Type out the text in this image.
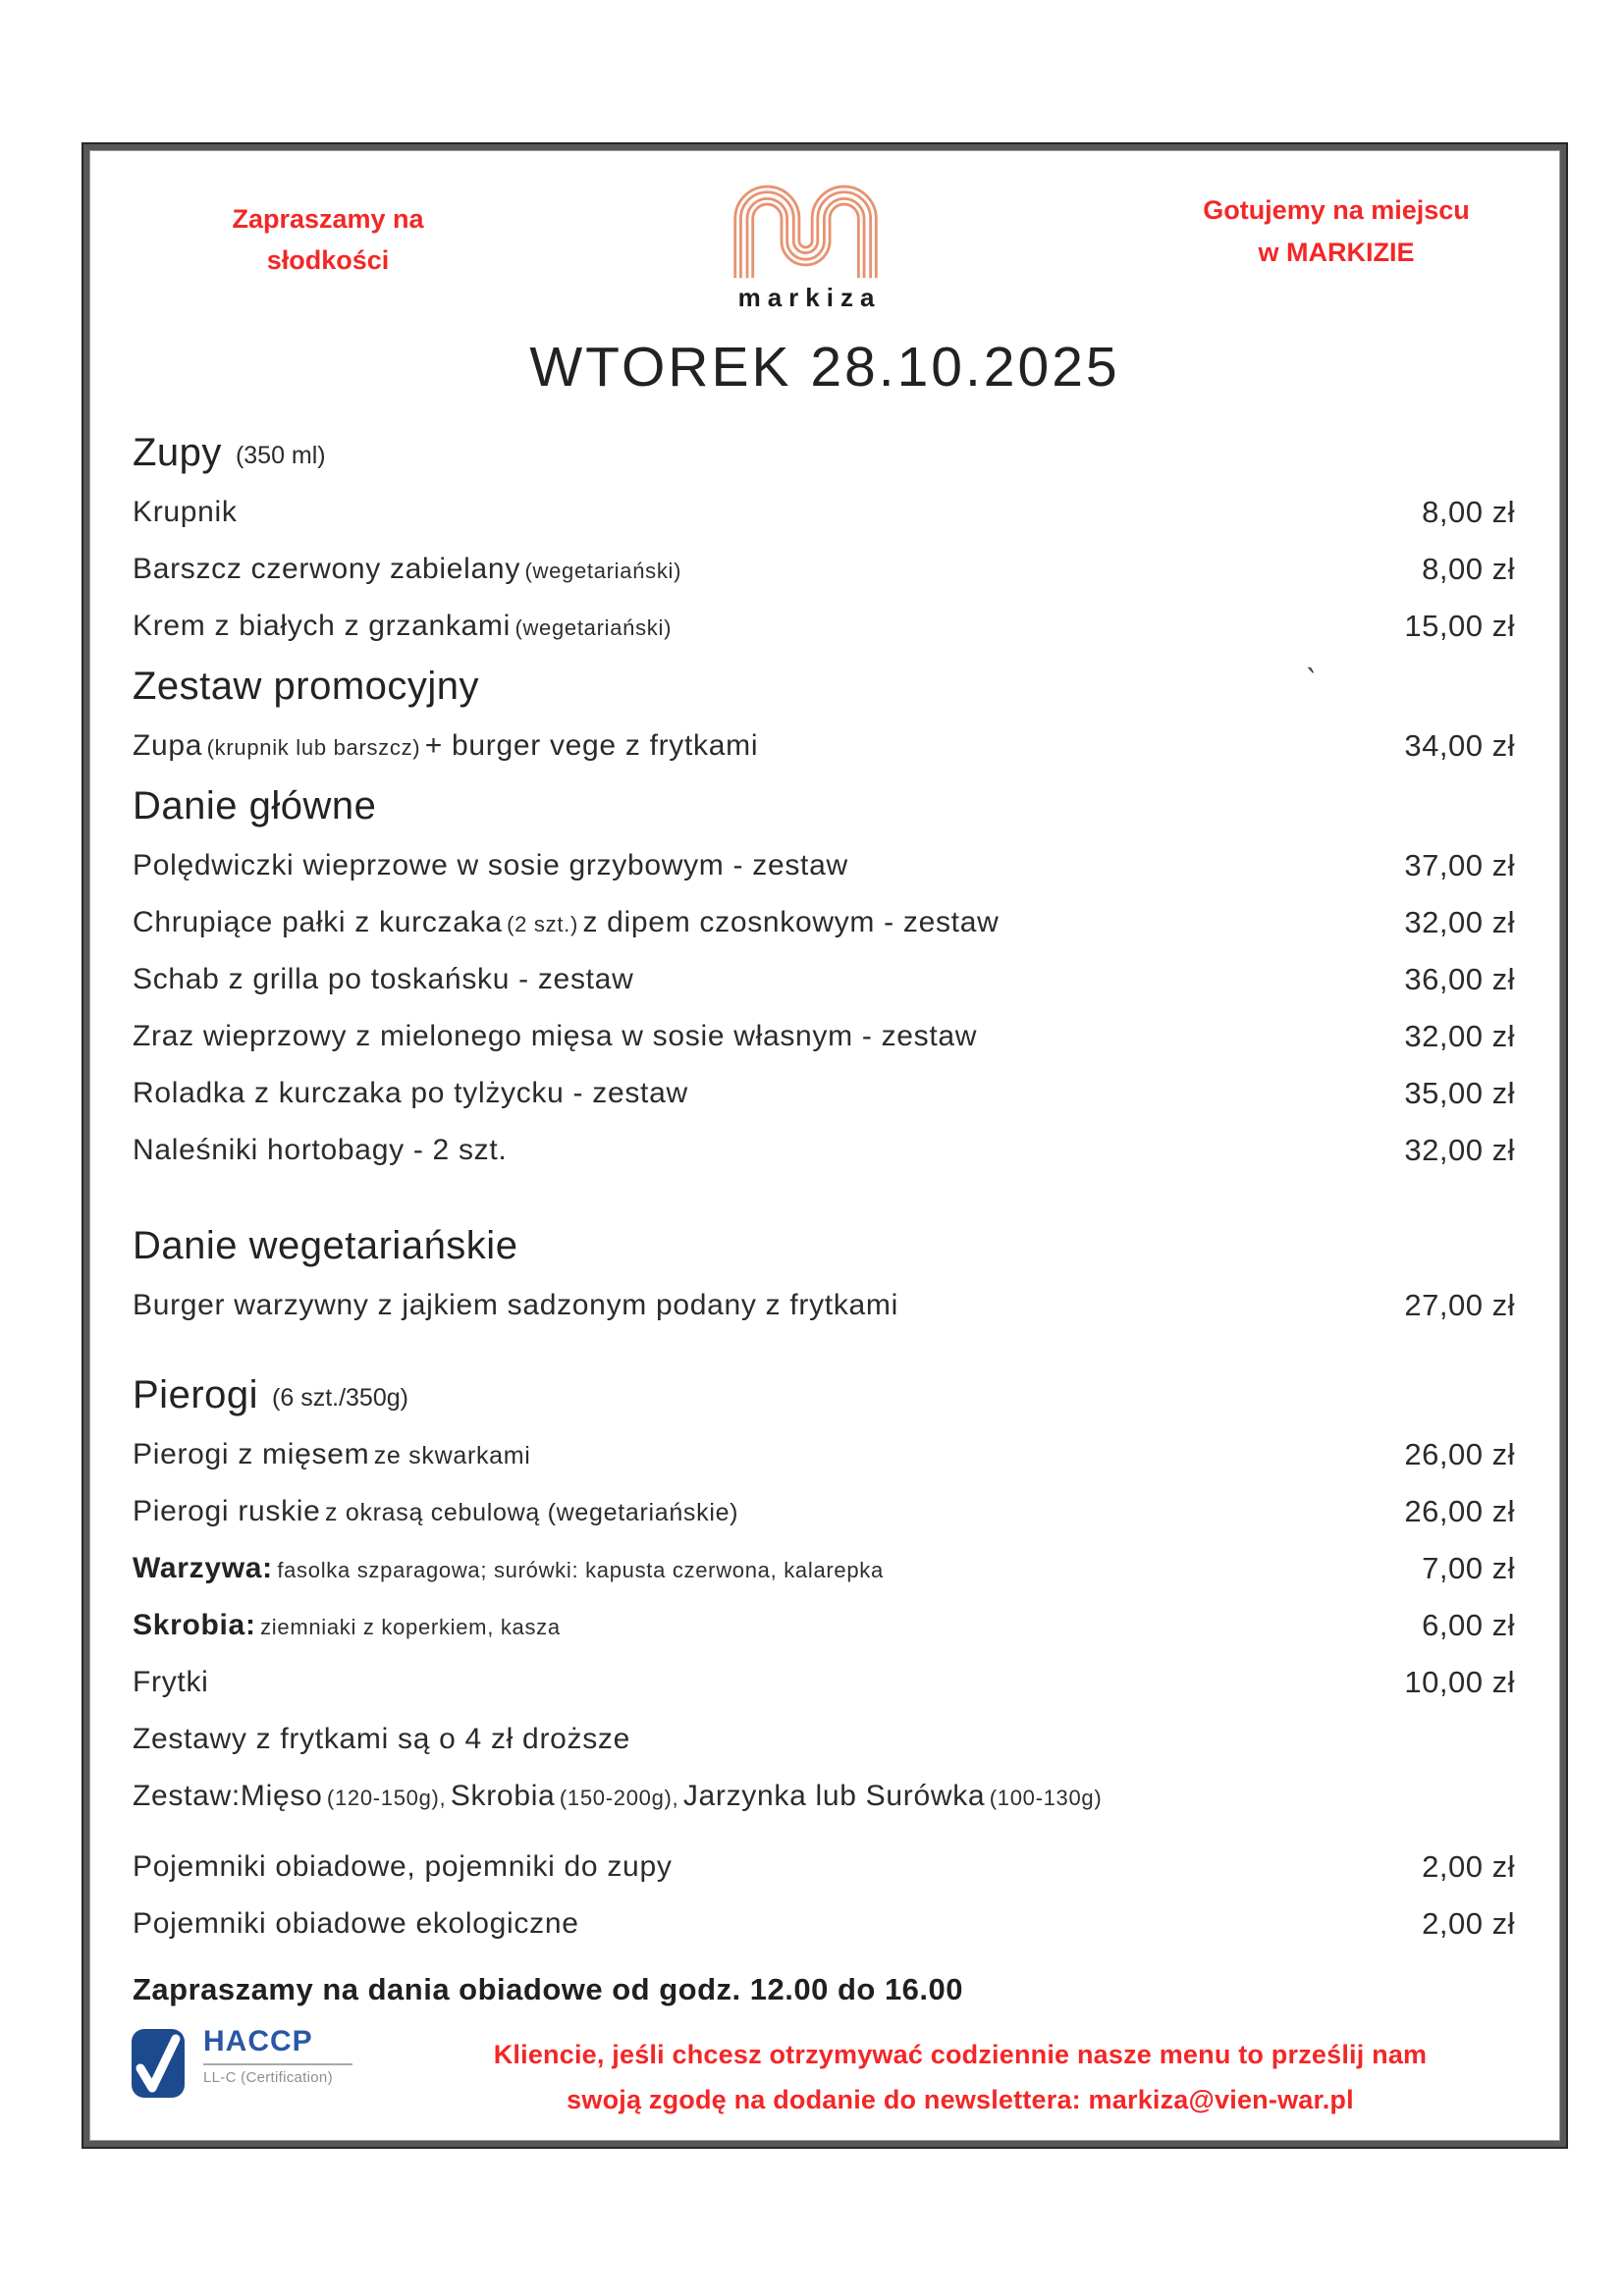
Zapraszamy na
słodkości
markiza
Gotujemy na miejscu
w MARKIZIE
WTOREK 28.10.2025
Zupy (350 ml)
Krupnik	8,00 zł
Barszcz czerwony zabielany (wegetariański)	8,00 zł
Krem z białych z grzankami (wegetariański)	15,00 zł
Zestaw promocyjny
Zupa (krupnik lub barszcz) + burger vege z frytkami	34,00 zł
Danie główne
Polędwiczki wieprzowe w sosie grzybowym - zestaw	37,00 zł
Chrupiące pałki z kurczaka (2 szt.) z dipem czosnkowym - zestaw	32,00 zł
Schab z grilla po toskańsku - zestaw	36,00 zł
Zraz wieprzowy z mielonego mięsa w sosie własnym - zestaw	32,00 zł
Roladka z kurczaka po tylżycku - zestaw	35,00 zł
Naleśniki hortobagy - 2 szt.	32,00 zł
Danie wegetariańskie
Burger warzywny z jajkiem sadzonym podany z frytkami	27,00 zł
Pierogi (6 szt./350g)
Pierogi z mięsem ze skwarkami	26,00 zł
Pierogi ruskie z okrasą cebulową (wegetariańskie)	26,00 zł
Warzywa: fasolka szparagowa; surówki: kapusta czerwona, kalarepka	7,00 zł
Skrobia: ziemniaki z koperkiem, kasza	6,00 zł
Frytki	10,00 zł
Zestawy z frytkami są o 4 zł droższe
Zestaw:Mięso (120-150g), Skrobia (150-200g), Jarzynka lub Surówka (100-130g)
Pojemniki obiadowe, pojemniki do zupy	2,00 zł
Pojemniki obiadowe ekologiczne	2,00 zł
`
Zapraszamy na dania obiadowe od godz. 12.00 do 16.00
HACCP
LL-C (Certification)
Kliencie, jeśli chcesz otrzymywać codziennie nasze menu to prześlij nam
swoją zgodę na dodanie do newslettera: markiza@vien-war.pl
